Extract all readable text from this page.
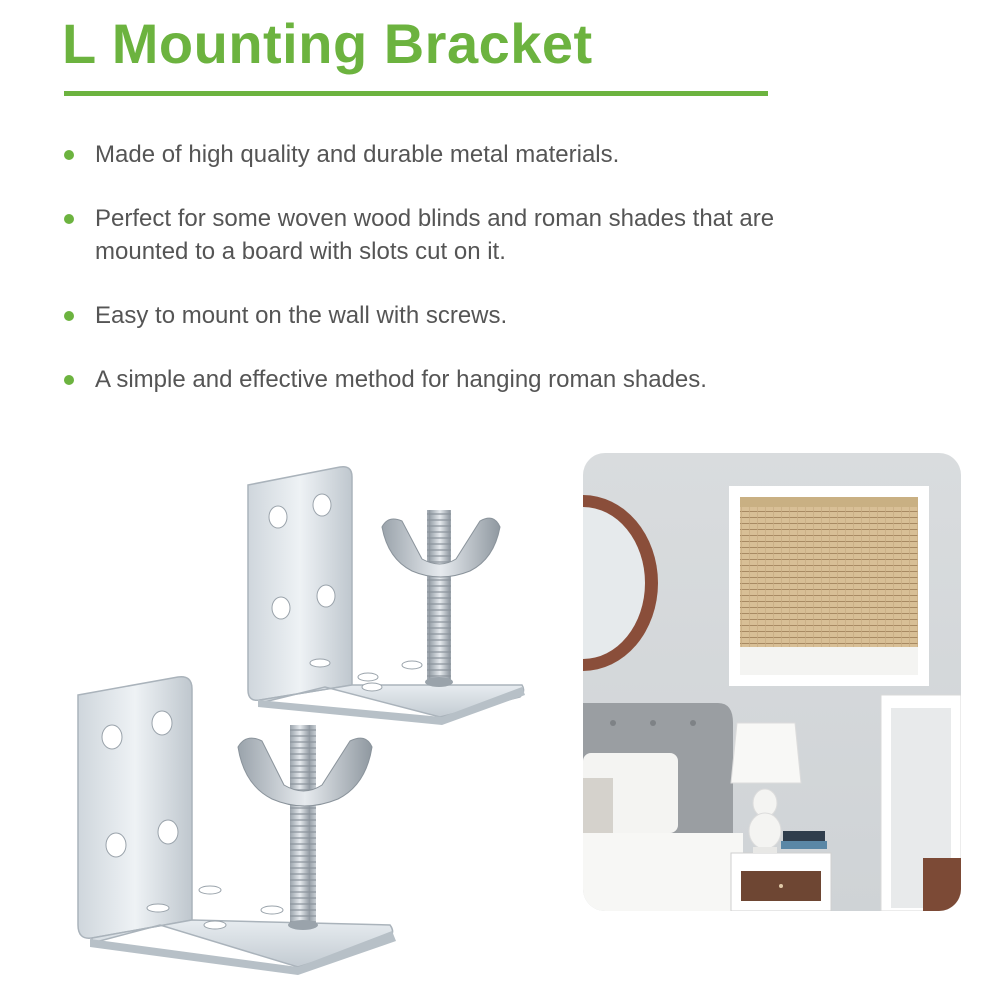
L Mounting Bracket
Made of high quality and durable metal materials.
Perfect for some woven wood blinds and roman shades that are mounted to a board with slots cut on it.
Easy to mount on the wall with screws.
A simple and effective method for hanging roman shades.
